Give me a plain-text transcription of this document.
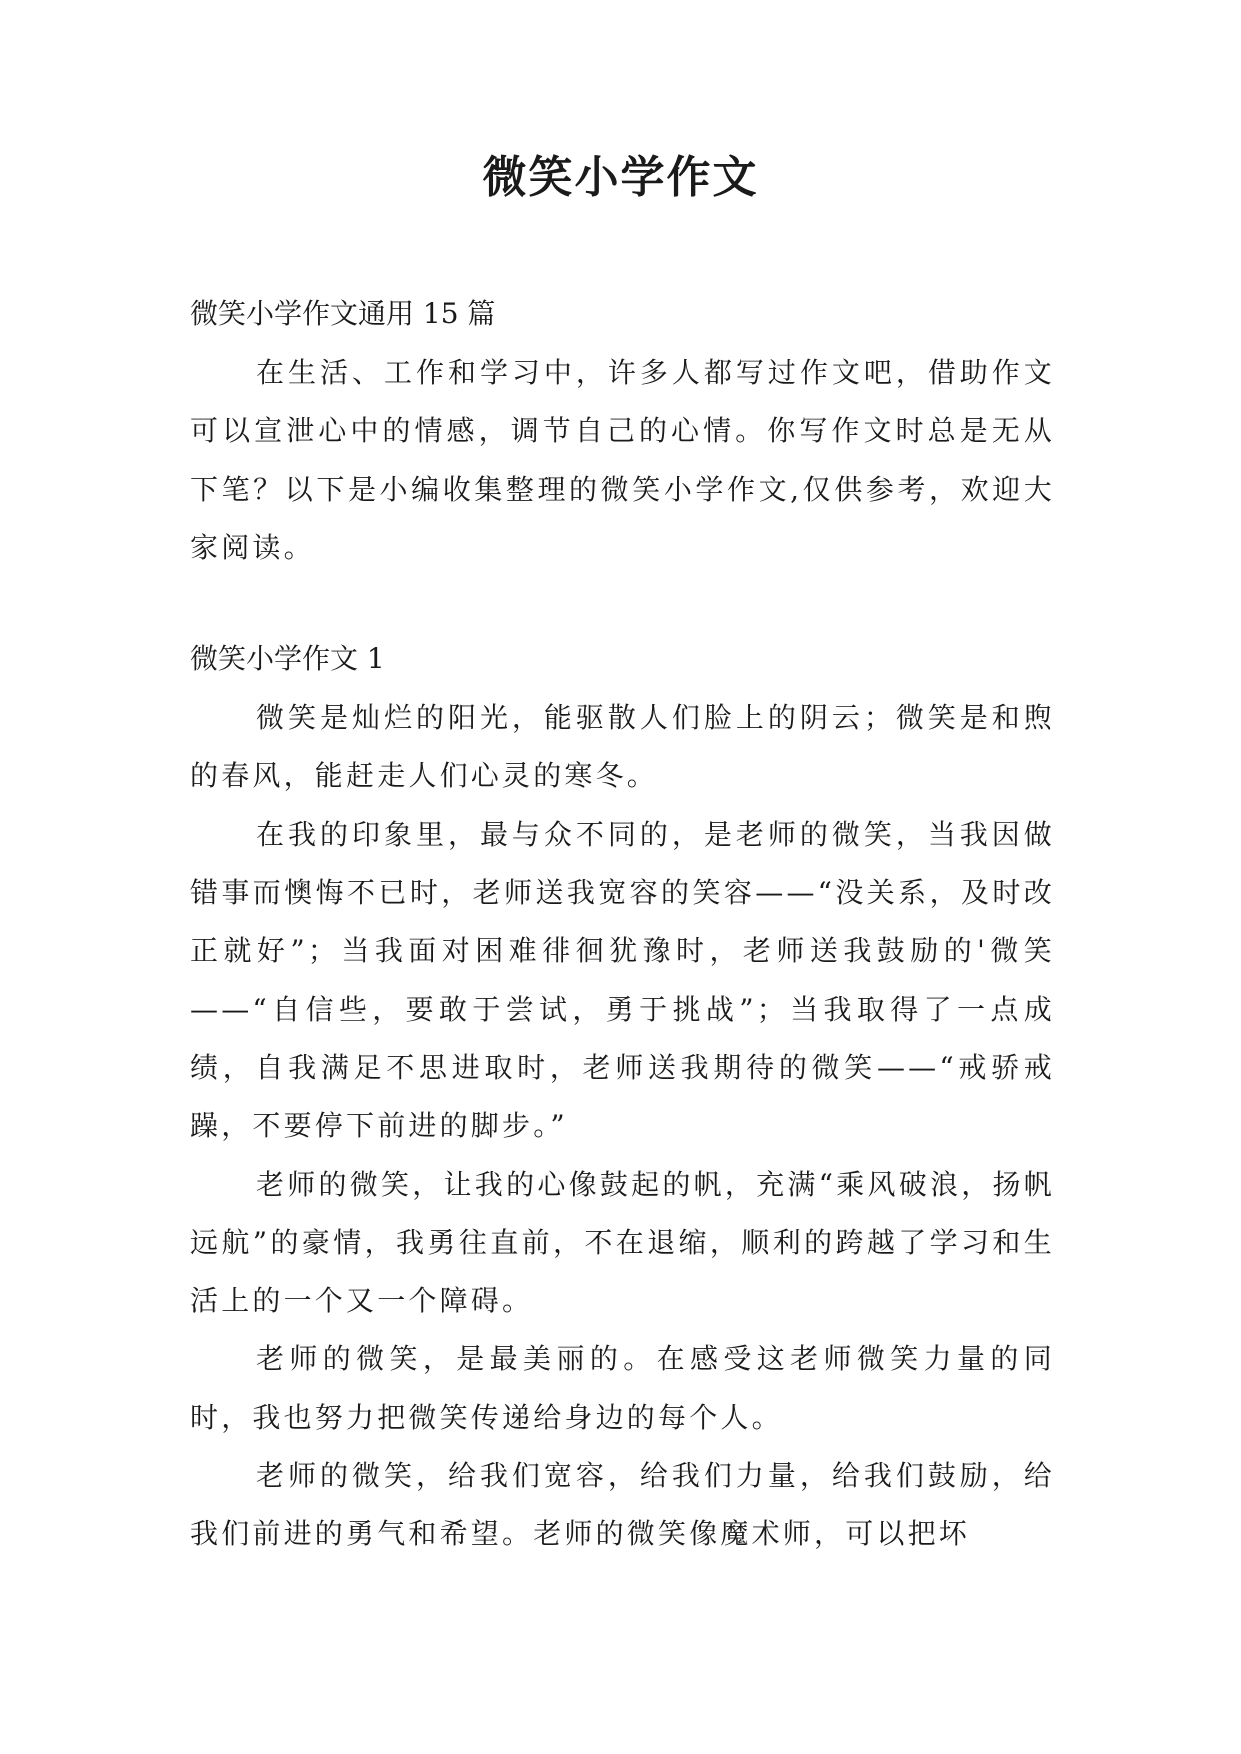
微笑小学作文

微笑小学作文通用 15 篇

在生活、工作和学习中，许多人都写过作文吧，借助作文可以宣泄心中的情感，调节自己的心情。你写作文时总是无从下笔？以下是小编收集整理的微笑小学作文,仅供参考，欢迎大家阅读。

微笑小学作文 1

微笑是灿烂的阳光，能驱散人们脸上的阴云；微笑是和煦的春风，能赶走人们心灵的寒冬。

在我的印象里，最与众不同的，是老师的微笑，当我因做错事而懊悔不已时，老师送我宽容的笑容——“没关系，及时改正就好”；当我面对困难徘徊犹豫时，老师送我鼓励的'微笑——“自信些，要敢于尝试，勇于挑战”；当我取得了一点成绩，自我满足不思进取时，老师送我期待的微笑——“戒骄戒躁，不要停下前进的脚步。”

老师的微笑，让我的心像鼓起的帆，充满“乘风破浪，扬帆远航”的豪情，我勇往直前，不在退缩，顺利的跨越了学习和生活上的一个又一个障碍。

老师的微笑，是最美丽的。在感受这老师微笑力量的同时，我也努力把微笑传递给身边的每个人。

老师的微笑，给我们宽容，给我们力量，给我们鼓励，给我们前进的勇气和希望。老师的微笑像魔术师，可以把坏
